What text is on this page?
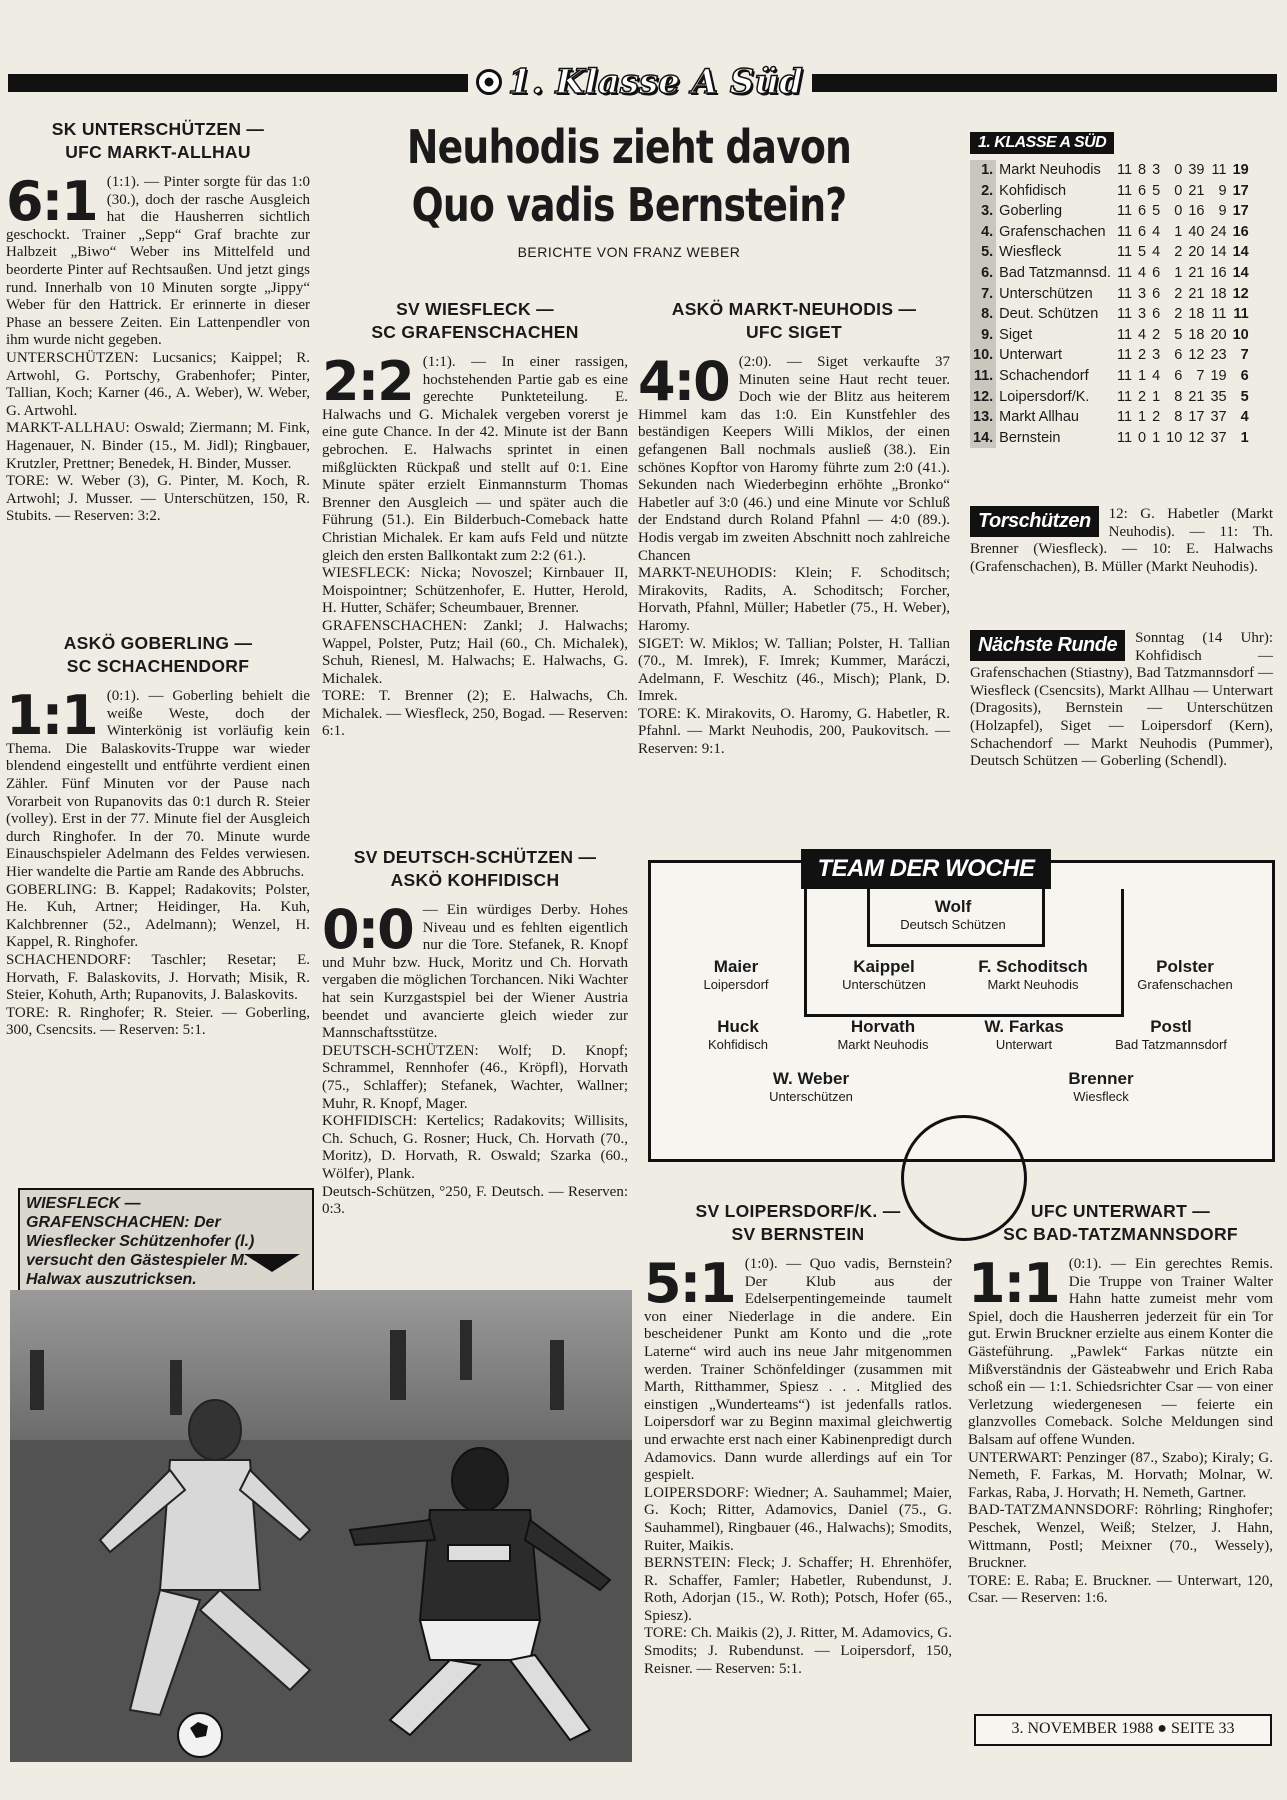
1. Klasse A Süd
SK UNTERSCHÜTZEN —
UFC MARKT-ALLHAU
6:1 (1:1). — Pinter sorgte für das 1:0 (30.), doch der rasche Ausgleich hat die Hausherren sichtlich geschockt. Trainer „Sepp“ Graf brachte zur Halbzeit „Biwo“ Weber ins Mittelfeld und beorderte Pinter auf Rechtsaußen. Und jetzt gings rund. Innerhalb von 10 Minuten sorgte „Jippy“ Weber für den Hattrick. Er erinnerte in dieser Phase an bessere Zeiten. Ein Lattenpendler von ihm wurde nicht gegeben.
UNTERSCHÜTZEN: Lucsanics; Kaippel; R. Artwohl, G. Portschy, Grabenhofer; Pinter, Tallian, Koch; Karner (46., A. Weber), W. Weber, G. Artwohl.
MARKT-ALLHAU: Oswald; Ziermann; M. Fink, Hagenauer, N. Binder (15., M. Jidl); Ringbauer, Krutzler, Prettner; Benedek, H. Binder, Musser.
TORE: W. Weber (3), G. Pinter, M. Koch, R. Artwohl; J. Musser. — Unterschützen, 150, R. Stubits. — Reserven: 3:2.
ASKÖ GOBERLING —
SC SCHACHENDORF
1:1 (0:1). — Goberling behielt die weiße Weste, doch der Winterkönig ist vorläufig kein Thema. Die Balaskovits-Truppe war wieder blendend eingestellt und entführte verdient einen Zähler. Fünf Minuten vor der Pause nach Vorarbeit von Rupanovits das 0:1 durch R. Steier (volley). Erst in der 77. Minute fiel der Ausgleich durch Ringhofer. In der 70. Minute wurde Einauschspieler Adelmann des Feldes verwiesen. Hier wandelte die Partie am Rande des Abbruchs.
GOBERLING: B. Kappel; Radakovits; Polster, He. Kuh, Artner; Heidinger, Ha. Kuh, Kalchbrenner (52., Adelmann); Wenzel, H. Kappel, R. Ringhofer.
SCHACHENDORF: Taschler; Resetar; E. Horvath, F. Balaskovits, J. Horvath; Misik, R. Steier, Kohuth, Arth; Rupanovits, J. Balaskovits.
TORE: R. Ringhofer; R. Steier. — Goberling, 300, Csencsits. — Reserven: 5:1.
WIESFLECK — GRAFENSCHACHEN: Der Wiesflecker Schützenhofer (l.) versucht den Gästespieler M. Halwax auszutricksen.
Neuhodis zieht davon
Quo vadis Bernstein?
BERICHTE VON FRANZ WEBER
SV WIESFLECK —
SC GRAFENSCHACHEN
2:2 (1:1). — In einer rassigen, hochstehenden Partie gab es eine gerechte Punkteteilung. E. Halwachs und G. Michalek vergeben vorerst je eine gute Chance. In der 42. Minute ist der Bann gebrochen. E. Halwachs sprintet in einen mißglückten Rückpaß und stellt auf 0:1. Eine Minute später erzielt Einmannsturm Thomas Brenner den Ausgleich — und später auch die Führung (51.). Ein Bilderbuch-Comeback hatte Christian Michalek. Er kam aufs Feld und nützte gleich den ersten Ballkontakt zum 2:2 (61.).
WIESFLECK: Nicka; Novoszel; Kirnbauer II, Moispointner; Schützenhofer, E. Hutter, Herold, H. Hutter, Schäfer; Scheumbauer, Brenner.
GRAFENSCHACHEN: Zankl; J. Halwachs; Wappel, Polster, Putz; Hail (60., Ch. Michalek), Schuh, Rienesl, M. Halwachs; E. Halwachs, G. Michalek.
TORE: T. Brenner (2); E. Halwachs, Ch. Michalek. — Wiesfleck, 250, Bogad. — Reserven: 6:1.
SV DEUTSCH-SCHÜTZEN —
ASKÖ KOHFIDISCH
0:0 — Ein würdiges Derby. Hohes Niveau und es fehlten eigentlich nur die Tore. Stefanek, R. Knopf und Muhr bzw. Huck, Moritz und Ch. Horvath vergaben die möglichen Torchancen. Niki Wachter hat sein Kurzgastspiel bei der Wiener Austria beendet und avancierte gleich wieder zur Mannschaftsstütze.
DEUTSCH-SCHÜTZEN: Wolf; D. Knopf; Schrammel, Rennhofer (46., Kröpfl), Horvath (75., Schlaffer); Stefanek, Wachter, Wallner; Muhr, R. Knopf, Mager.
KOHFIDISCH: Kertelics; Radakovits; Willisits, Ch. Schuch, G. Rosner; Huck, Ch. Horvath (70., Moritz), D. Horvath, R. Oswald; Szarka (60., Wölfer), Plank.
Deutsch-Schützen, °250, F. Deutsch. — Reserven: 0:3.
ASKÖ MARKT-NEUHODIS —
UFC SIGET
4:0 (2:0). — Siget verkaufte 37 Minuten seine Haut recht teuer. Doch wie der Blitz aus heiterem Himmel kam das 1:0. Ein Kunstfehler des beständigen Keepers Willi Miklos, der einen gefangenen Ball nochmals ausließ (38.). Ein schönes Kopftor von Haromy führte zum 2:0 (41.). Sekunden nach Wiederbeginn erhöhte „Bronko“ Habetler auf 3:0 (46.) und eine Minute vor Schluß der Endstand durch Roland Pfahnl — 4:0 (89.). Hodis vergab im zweiten Abschnitt noch zahlreiche Chancen
MARKT-NEUHODIS: Klein; F. Schoditsch; Mirakovits, Radits, A. Schoditsch; Forcher, Horvath, Pfahnl, Müller; Habetler (75., H. Weber), Haromy.
SIGET: W. Miklos; W. Tallian; Polster, H. Tallian (70., M. Imrek), F. Imrek; Kummer, Maráczi, Adelmann, F. Weschitz (46., Misch); Plank, D. Imrek.
TORE: K. Mirakovits, O. Haromy, G. Habetler, R. Pfahnl. — Markt Neuhodis, 200, Paukovitsch. — Reserven: 9:1.
1. KLASSE A SÜD
1.	Markt Neuhodis	11	8	3	0	39	11	19
2.	Kohfidisch	11	6	5	0	21	9	17
3.	Goberling	11	6	5	0	16	9	17
4.	Grafenschachen	11	6	4	1	40	24	16
5.	Wiesfleck	11	5	4	2	20	14	14
6.	Bad Tatzmannsd.	11	4	6	1	21	16	14
7.	Unterschützen	11	3	6	2	21	18	12
8.	Deut. Schützen	11	3	6	2	18	11	11
9.	Siget	11	4	2	5	18	20	10
10.	Unterwart	11	2	3	6	12	23	7
11.	Schachendorf	11	1	4	6	7	19	6
12.	Loipersdorf/K.	11	2	1	8	21	35	5
13.	Markt Allhau	11	1	2	8	17	37	4
14.	Bernstein	11	0	1	10	12	37	1
Torschützen	12: G. Habetler (Markt Neuhodis). — 11: Th. Brenner (Wiesfleck). — 10: E. Halwachs (Grafenschachen), B. Müller (Markt Neuhodis).
Nächste Runde	Sonntag (14 Uhr): Kohfidisch — Grafenschachen (Stiastny), Bad Tatzmannsdorf — Wiesfleck (Csencsits), Markt Allhau — Unterwart (Dragosits), Bernstein — Unterschützen (Holzapfel), Siget — Loipersdorf (Kern), Schachendorf — Markt Neuhodis (Pummer), Deutsch Schützen — Goberling (Schendl).
TEAM DER WOCHE
Wolf
Deutsch Schützen
Maier
Loipersdorf
Kaippel
Unterschützen
F. Schoditsch
Markt Neuhodis
Polster
Grafenschachen
Huck
Kohfidisch
Horvath
Markt Neuhodis
W. Farkas
Unterwart
Postl
Bad Tatzmannsdorf
W. Weber
Unterschützen
Brenner
Wiesfleck
SV LOIPERSDORF/K. —
SV BERNSTEIN
5:1 (1:0). — Quo vadis, Bernstein? Der Klub aus der Edelserpentingemeinde taumelt von einer Niederlage in die andere. Ein bescheidener Punkt am Konto und die „rote Laterne“ wird auch ins neue Jahr mitgenommen werden. Trainer Schönfeldinger (zusammen mit Marth, Ritthammer, Spiesz . . . Mitglied des einstigen „Wunderteams“) ist jedenfalls ratlos. Loipersdorf war zu Beginn maximal gleichwertig und erwachte erst nach einer Kabinenpredigt durch Adamovics. Dann wurde allerdings auf ein Tor gespielt.
LOIPERSDORF: Wiedner; A. Sauhammel; Maier, G. Koch; Ritter, Adamovics, Daniel (75., G. Sauhammel), Ringbauer (46., Halwachs); Smodits, Ruiter, Maikis.
BERNSTEIN: Fleck; J. Schaffer; H. Ehrenhöfer, R. Schaffer, Famler; Habetler, Rubendunst, J. Roth, Adorjan (15., W. Roth); Potsch, Hofer (65., Spiesz).
TORE: Ch. Maikis (2), J. Ritter, M. Adamovics, G. Smodits; J. Rubendunst. — Loipersdorf, 150, Reisner. — Reserven: 5:1.
UFC UNTERWART —
SC BAD-TATZMANNSDORF
1:1 (0:1). — Ein gerechtes Remis. Die Truppe von Trainer Walter Hahn hatte zumeist mehr vom Spiel, doch die Hausherren jederzeit für ein Tor gut. Erwin Bruckner erzielte aus einem Konter die Gästeführung. „Pawlek“ Farkas nützte ein Mißverständnis der Gästeabwehr und Erich Raba schoß ein — 1:1. Schiedsrichter Csar — von einer Verletzung wiedergenesen — feierte ein glanzvolles Comeback. Solche Meldungen sind Balsam auf offene Wunden.
UNTERWART: Penzinger (87., Szabo); Kiraly; G. Nemeth, F. Farkas, M. Horvath; Molnar, W. Farkas, Raba, J. Horvath; H. Nemeth, Gartner.
BAD-TATZMANNSDORF: Röhrling; Ringhofer; Peschek, Wenzel, Weiß; Stelzer, J. Hahn, Wittmann, Postl; Meixner (70., Wessely), Bruckner.
TORE: E. Raba; E. Bruckner. — Unterwart, 120, Csar. — Reserven: 1:6.
3. NOVEMBER 1988 ● SEITE 33
